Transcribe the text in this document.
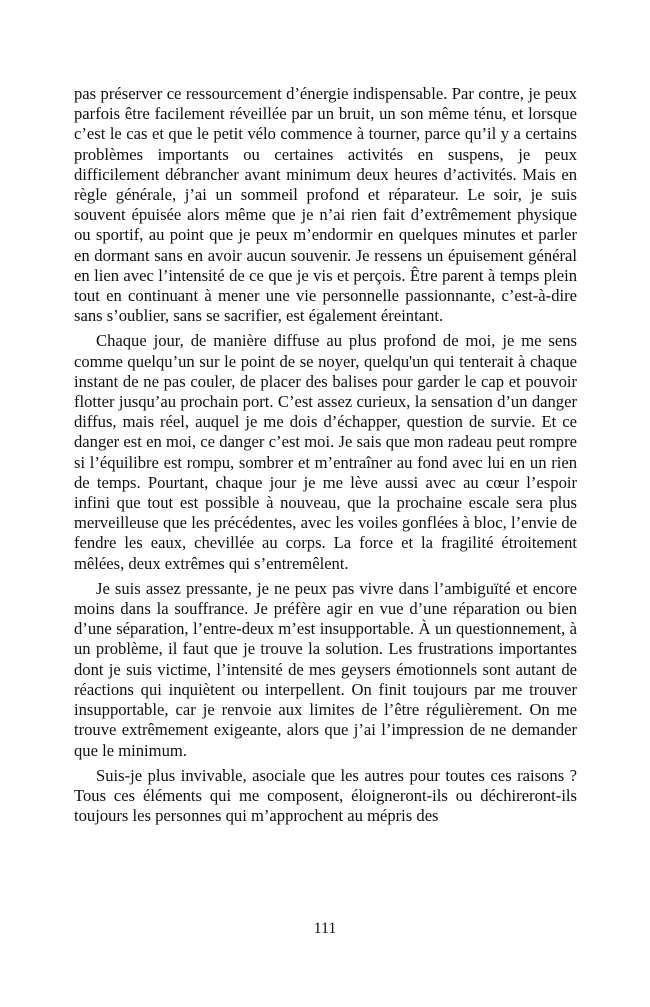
pas préserver ce ressourcement d’énergie indispensable. Par contre, je peux parfois être facilement réveillée par un bruit, un son même ténu, et lorsque c’est le cas et que le petit vélo commence à tourner, parce qu’il y a certains problèmes importants ou certaines activités en suspens, je peux difficilement débrancher avant minimum deux heures d’activités. Mais en règle générale, j’ai un sommeil profond et réparateur. Le soir, je suis souvent épuisée alors même que je n’ai rien fait d’extrêmement physique ou sportif, au point que je peux m’endormir en quelques minutes et parler en dormant sans en avoir aucun souvenir. Je ressens un épuisement général en lien avec l’intensité de ce que je vis et perçois. Être parent à temps plein tout en continuant à mener une vie personnelle passionnante, c’est-à-dire sans s’oublier, sans se sacrifier, est également éreintant.

Chaque jour, de manière diffuse au plus profond de moi, je me sens comme quelqu’un sur le point de se noyer, quelqu'un qui tenterait à chaque instant de ne pas couler, de placer des balises pour garder le cap et pouvoir flotter jusqu’au prochain port. C’est assez curieux, la sensation d’un danger diffus, mais réel, auquel je me dois d’échapper, question de survie. Et ce danger est en moi, ce danger c’est moi. Je sais que mon radeau peut rompre si l’équilibre est rompu, sombrer et m’entraîner au fond avec lui en un rien de temps. Pourtant, chaque jour je me lève aussi avec au cœur l’espoir infini que tout est possible à nouveau, que la prochaine escale sera plus merveilleuse que les précédentes, avec les voiles gonflées à bloc, l’envie de fendre les eaux, chevillée au corps. La force et la fragilité étroitement mêlées, deux extrêmes qui s’entremêlent.

Je suis assez pressante, je ne peux pas vivre dans l’ambiguïté et encore moins dans la souffrance. Je préfère agir en vue d’une réparation ou bien d’une séparation, l’entre-deux m’est insupportable. À un questionnement, à un problème, il faut que je trouve la solution. Les frustrations importantes dont je suis victime, l’intensité de mes geysers émotionnels sont autant de réactions qui inquiètent ou interpellent. On finit toujours par me trouver insupportable, car je renvoie aux limites de l’être régulièrement. On me trouve extrêmement exigeante, alors que j’ai l’impression de ne demander que le minimum.

Suis-je plus invivable, asociale que les autres pour toutes ces raisons ? Tous ces éléments qui me composent, éloigneront-ils ou déchireront-ils toujours les personnes qui m’approchent au mépris des

111
